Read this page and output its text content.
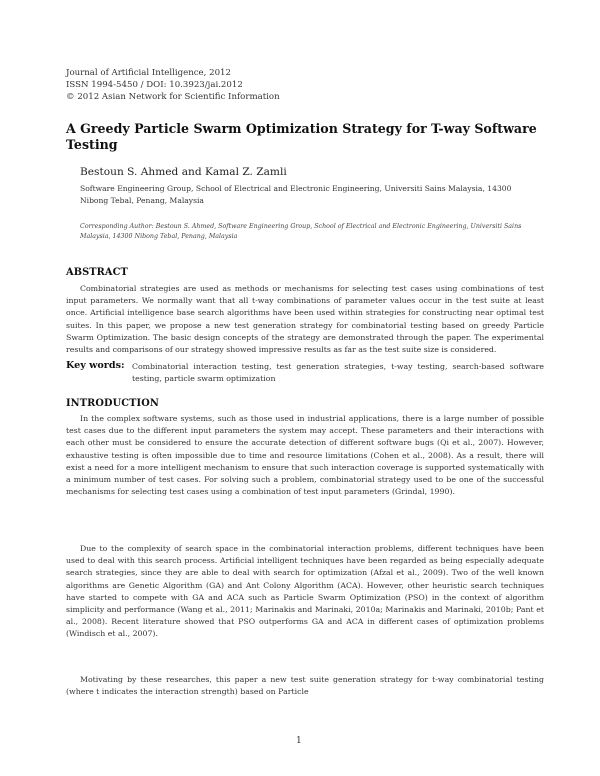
Journal of Artificial Intelligence, 2012
ISSN 1994-5450 / DOI: 10.3923/jai.2012
© 2012 Asian Network for Scientific Information
A Greedy Particle Swarm Optimization Strategy for T-way Software Testing
Bestoun S. Ahmed and Kamal Z. Zamli
Software Engineering Group, School of Electrical and Electronic Engineering, Universiti Sains Malaysia, 14300 Nibong Tebal, Penang, Malaysia
Corresponding Author: Bestoun S. Ahmed, Software Engineering Group, School of Electrical and Electronic Engineering, Universiti Sains Malaysia, 14300 Nibong Tebal, Penang, Malaysia
ABSTRACT
Combinatorial strategies are used as methods or mechanisms for selecting test cases using combinations of test input parameters. We normally want that all t-way combinations of parameter values occur in the test suite at least once. Artificial intelligence base search algorithms have been used within strategies for constructing near optimal test suites. In this paper, we propose a new test generation strategy for combinatorial testing based on greedy Particle Swarm Optimization. The basic design concepts of the strategy are demonstrated through the paper. The experimental results and comparisons of our strategy showed impressive results as far as the test suite size is considered.
Key words: Combinatorial interaction testing, test generation strategies, t-way testing, search-based software testing, particle swarm optimization
INTRODUCTION
In the complex software systems, such as those used in industrial applications, there is a large number of possible test cases due to the different input parameters the system may accept. These parameters and their interactions with each other must be considered to ensure the accurate detection of different software bugs (Qi et al., 2007). However, exhaustive testing is often impossible due to time and resource limitations (Cohen et al., 2008). As a result, there will exist a need for a more intelligent mechanism to ensure that such interaction coverage is supported systematically with a minimum number of test cases. For solving such a problem, combinatorial strategy used to be one of the successful mechanisms for selecting test cases using a combination of test input parameters (Grindal, 1990).
Due to the complexity of search space in the combinatorial interaction problems, different techniques have been used to deal with this search process. Artificial intelligent techniques have been regarded as being especially adequate search strategies, since they are able to deal with search for optimization (Afzal et al., 2009). Two of the well known algorithms are Genetic Algorithm (GA) and Ant Colony Algorithm (ACA). However, other heuristic search techniques have started to compete with GA and ACA such as Particle Swarm Optimization (PSO) in the context of algorithm simplicity and performance (Wang et al., 2011; Marinakis and Marinaki, 2010a; Marinakis and Marinaki, 2010b; Pant et al., 2008). Recent literature showed that PSO outperforms GA and ACA in different cases of optimization problems (Windisch et al., 2007).
Motivating by these researches, this paper a new test suite generation strategy for t-way combinatorial testing (where t indicates the interaction strength) based on Particle
1
